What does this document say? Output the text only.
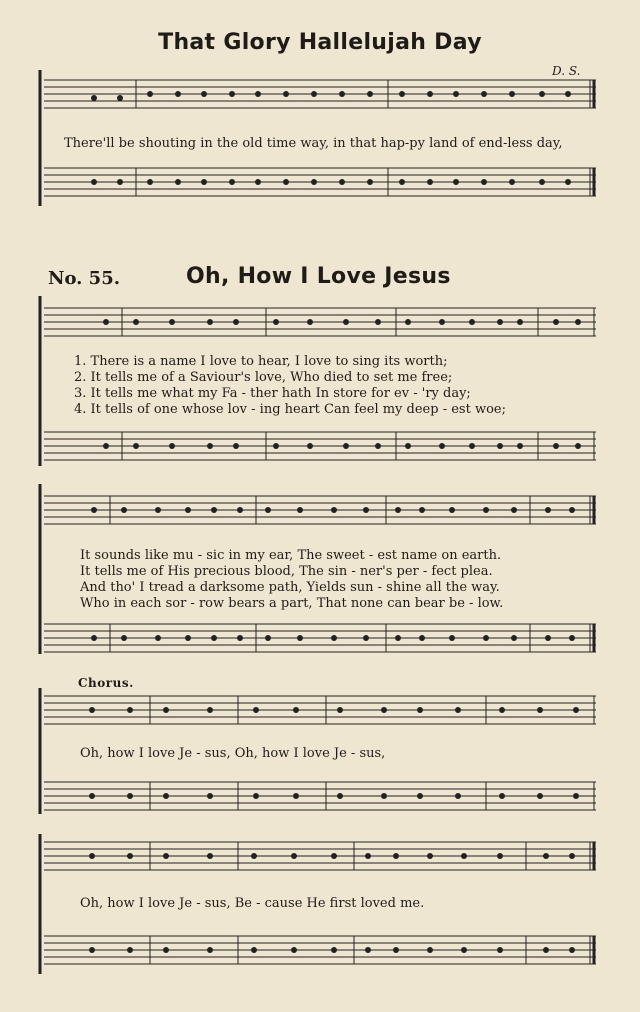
That Glory Hallelujah Day
D. S.
There'll be shouting in the old time way, in that hap-py land of end-less day,
No. 55.	Oh, How I Love Jesus
1. There is a name I love to hear, I love to sing its worth;
2. It tells me of a Saviour's love, Who died to set me free;
3. It tells me what my Fa - ther hath In store for ev - 'ry day;
4. It tells of one whose lov - ing heart Can feel my deep - est woe;
It sounds like mu - sic in my ear, The sweet - est name on earth.
It tells me of His precious blood, The sin - ner's per - fect plea.
And tho' I tread a darksome path, Yields sun - shine all the way.
Who in each sor - row bears a part, That none can bear be - low.
Chorus.
Oh, how I love Je - sus, Oh, how I love Je - sus,
Oh, how I love Je - sus, Be - cause He first loved me.
